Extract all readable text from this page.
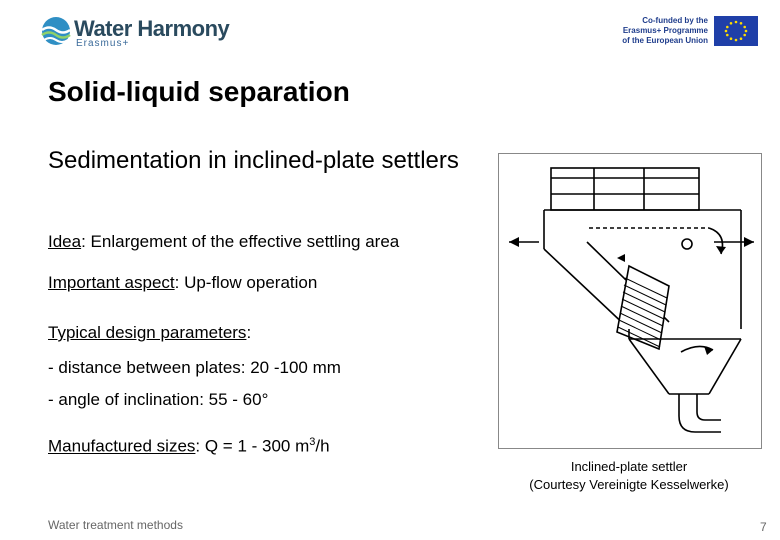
Water Harmony
Erasmus+
Co-funded by the Erasmus+ Programme of the European Union
Solid-liquid separation
Sedimentation in inclined-plate settlers
Idea: Enlargement of the effective settling area
Important aspect: Up-flow operation
Typical design parameters:
- distance between plates: 20 -100 mm
- angle of inclination: 55 - 60°
Manufactured sizes: Q = 1 - 300 $m^3/h$
Inclined-plate settler
(Courtesy Vereinigte Kesselwerke)
Water treatment methods	7
